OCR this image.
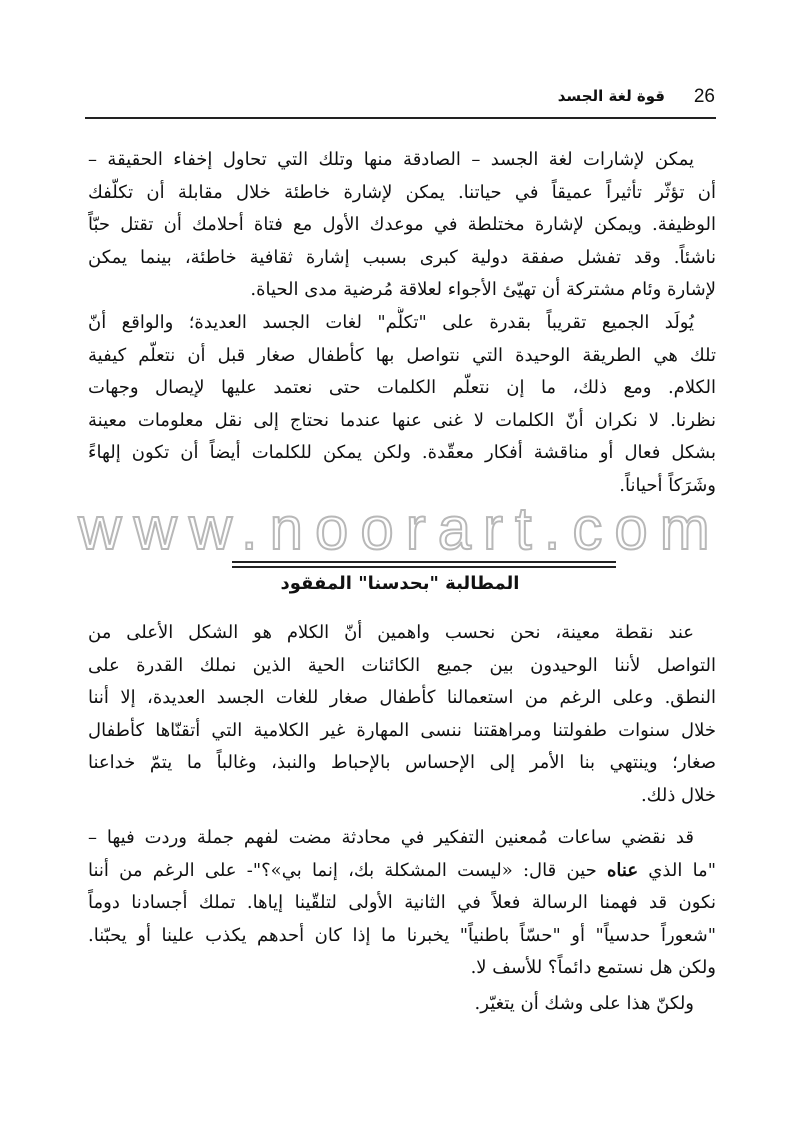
26
قوة لغة الجسد
يمكن لإشارات لغة الجسد – الصادقة منها وتلك التي تحاول إخفاء الحقيقة –
أن تؤثّر تأثيراً عميقاً في حياتنا. يمكن لإشارة خاطئة خلال مقابلة أن تكلّفك
الوظيفة. ويمكن لإشارة مختلطة في موعدك الأول مع فتاة أحلامك أن تقتل حبّاً
ناشئاً. وقد تفشل صفقة دولية كبرى بسبب إشارة ثقافية خاطئة، بينما يمكن
لإشارة وئام مشتركة أن تهيّئ الأجواء لعلاقة مُرضية مدى الحياة.
يُولَد الجميع تقريباً بقدرة على "تكلُّم" لغات الجسد العديدة؛ والواقع أنّ
تلك هي الطريقة الوحيدة التي نتواصل بها كأطفال صغار قبل أن نتعلّم كيفية
الكلام. ومع ذلك، ما إن نتعلّم الكلمات حتى نعتمد عليها لإيصال وجهات
نظرنا. لا نكران أنّ الكلمات لا غنى عنها عندما نحتاج إلى نقل معلومات معينة
بشكل فعال أو مناقشة أفكار معقّدة. ولكن يمكن للكلمات أيضاً أن تكون إلهاءً
وشَرَكاً أحياناً.
www.noorart.com
المطالبة "بحدسنا" المفقود
عند نقطة معينة، نحن نحسب واهمين أنّ الكلام هو الشكل الأعلى من
التواصل لأننا الوحيدون بين جميع الكائنات الحية الذين نملك القدرة على
النطق. وعلى الرغم من استعمالنا كأطفال صغار للغات الجسد العديدة، إلا أننا
خلال سنوات طفولتنا ومراهقتنا ننسى المهارة غير الكلامية التي أتقنّاها كأطفال
صغار؛ وينتهي بنا الأمر إلى الإحساس بالإحباط والنبذ، وغالباً ما يتمّ خداعنا
خلال ذلك.
قد نقضي ساعات مُمعنين التفكير في محادثة مضت لفهم جملة وردت فيها –
"ما الذي عناه حين قال: «ليست المشكلة بك، إنما بي»؟"- على الرغم من أننا
نكون قد فهمنا الرسالة فعلاً في الثانية الأولى لتلقّينا إياها. تملك أجسادنا دوماً
"شعوراً حدسياً" أو "حسّاً باطنياً" يخبرنا ما إذا كان أحدهم يكذب علينا أو يحبّنا.
ولكن هل نستمع دائماً؟ للأسف لا.
ولكنّ هذا على وشك أن يتغيّر.
